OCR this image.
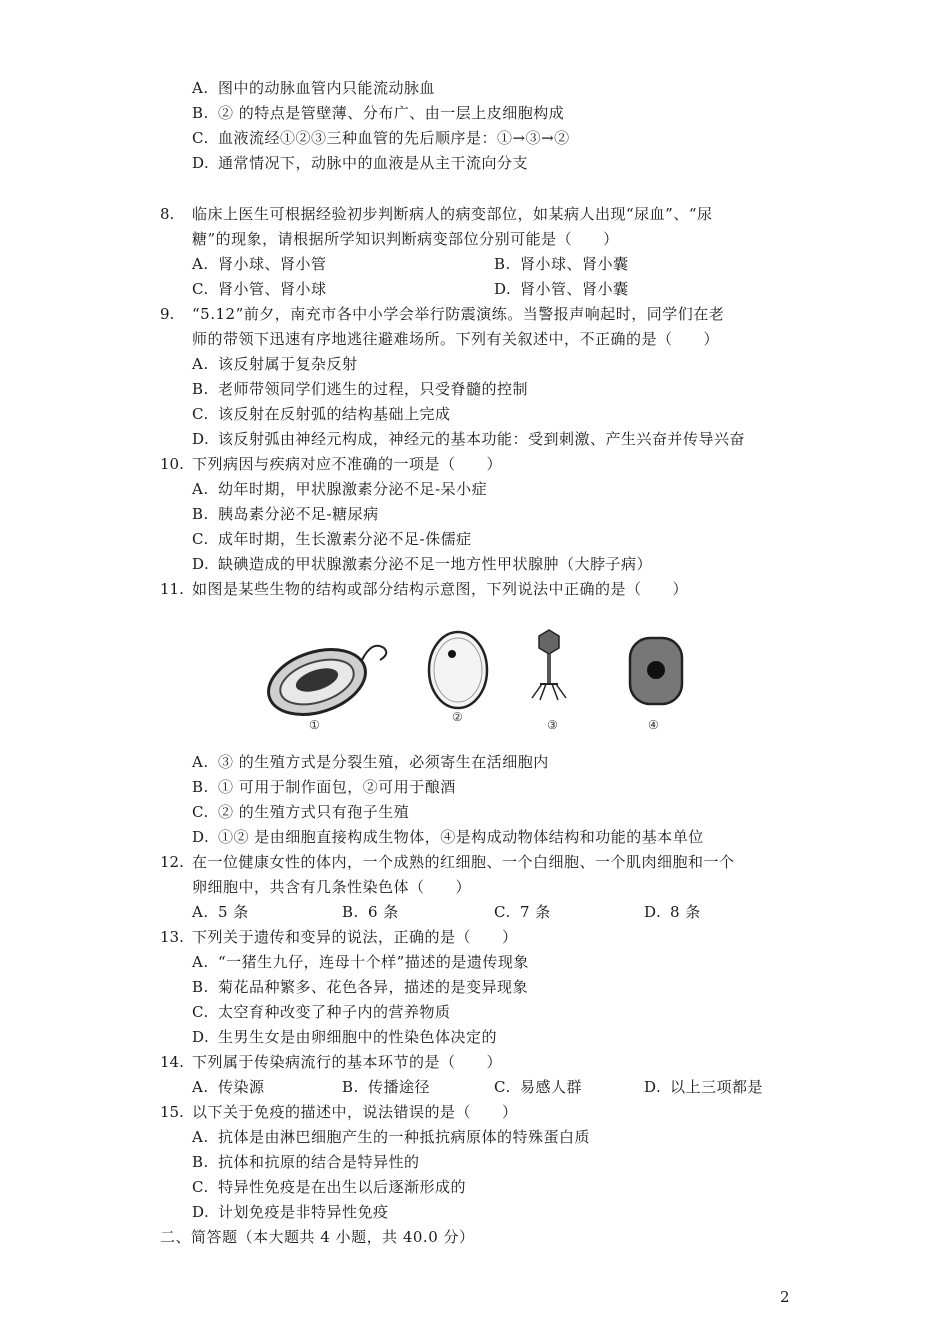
A. 图中的动脉血管内只能流动脉血
B. ② 的特点是管壁薄、分布广、由一层上皮细胞构成
C. 血液流经①②③三种血管的先后顺序是：①→③→②
D. 通常情况下，动脉中的血液是从主干流向分支
8. 临床上医生可根据经验初步判断病人的病变部位，如某病人出现“尿血”、“尿
糖”的现象，请根据所学知识判断病变部位分别可能是（　　）
A. 肾小球、肾小管	B. 肾小球、肾小囊
C. 肾小管、肾小球	D. 肾小管、肾小囊
9. “5.12”前夕，南充市各中小学会举行防震演练。当警报声响起时，同学们在老
师的带领下迅速有序地逃往避难场所。下列有关叙述中，不正确的是（　　）
A. 该反射属于复杂反射
B. 老师带领同学们逃生的过程，只受脊髓的控制
C. 该反射在反射弧的结构基础上完成
D. 该反射弧由神经元构成，神经元的基本功能：受到刺激、产生兴奋并传导兴奋
10. 下列病因与疾病对应不准确的一项是（　　）
A. 幼年时期，甲状腺激素分泌不足-呆小症
B. 胰岛素分泌不足-糖尿病
C. 成年时期，生长激素分泌不足-侏儒症
D. 缺碘造成的甲状腺激素分泌不足一地方性甲状腺肿（大脖子病）
11. 如图是某些生物的结构或部分结构示意图，下列说法中正确的是（　　）
①
②
③	④
A. ③ 的生殖方式是分裂生殖，必须寄生在活细胞内
B. ① 可用于制作面包，②可用于酿酒
C. ② 的生殖方式只有孢子生殖
D. ①② 是由细胞直接构成生物体，④是构成动物体结构和功能的基本单位
12. 在一位健康女性的体内，一个成熟的红细胞、一个白细胞、一个肌肉细胞和一个
卵细胞中，共含有几条性染色体（　　）
A. 5 条	B. 6 条	C. 7 条	D. 8 条
13. 下列关于遗传和变异的说法，正确的是（　　）
A. “一猪生九仔，连母十个样”描述的是遗传现象
B. 菊花品种繁多、花色各异，描述的是变异现象
C. 太空育种改变了种子内的营养物质
D. 生男生女是由卵细胞中的性染色体决定的
14. 下列属于传染病流行的基本环节的是（　　）
A. 传染源	B. 传播途径	C. 易感人群	D. 以上三项都是
15. 以下关于免疫的描述中，说法错误的是（　　）
A. 抗体是由淋巴细胞产生的一种抵抗病原体的特殊蛋白质
B. 抗体和抗原的结合是特异性的
C. 特异性免疫是在出生以后逐渐形成的
D. 计划免疫是非特异性免疫
二、简答题（本大题共 4 小题，共 40.0 分）
2
